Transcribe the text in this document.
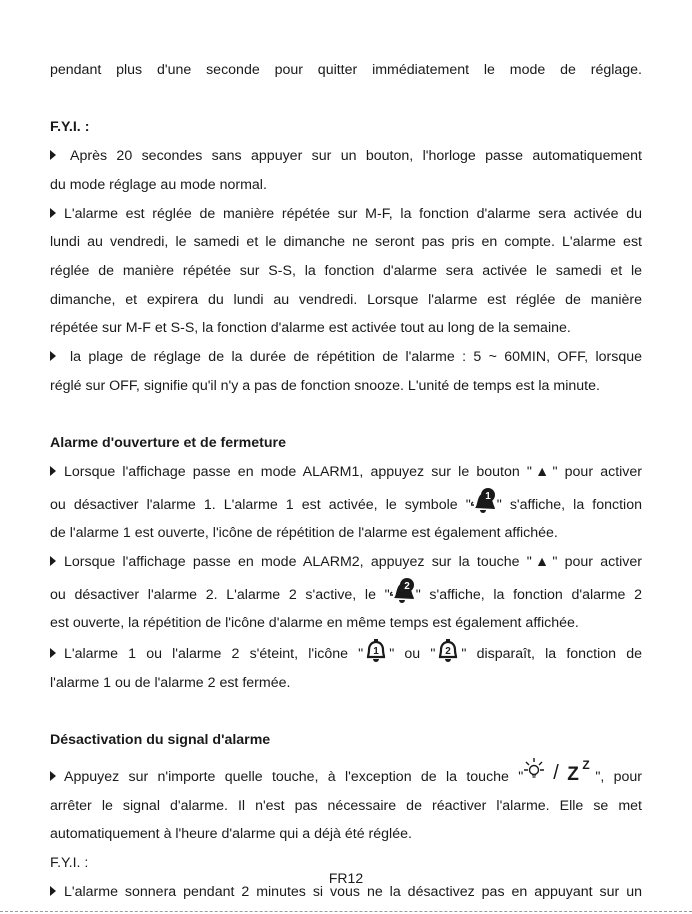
pendant plus d'une seconde pour quitter immédiatement le mode de réglage.

F.Y.I. :

Après 20 secondes sans appuyer sur un bouton, l'horloge passe automatiquement

du mode réglage au mode normal.

L'alarme est réglée de manière répétée sur M-F, la fonction d'alarme sera activée du

lundi au vendredi, le samedi et le dimanche ne seront pas pris en compte. L'alarme est

réglée de manière répétée sur S-S, la fonction d'alarme sera activée le samedi et le

dimanche, et expirera du lundi au vendredi. Lorsque l'alarme est réglée de manière

répétée sur M-F et S-S, la fonction d'alarme est activée tout au long de la semaine.

la plage de réglage de la durée de répétition de l'alarme : 5 ~ 60MIN, OFF, lorsque

réglé sur OFF, signifie qu'il n'y a pas de fonction snooze. L'unité de temps est la minute.

Alarme d'ouverture et de fermeture

Lorsque l'affichage passe en mode ALARM1, appuyez sur le bouton "▲" pour activer

ou désactiver l'alarme 1. L'alarme 1 est activée, le symbole "
1
" s'affiche, la fonction

de l'alarme 1 est ouverte, l'icône de répétition de l'alarme est également affichée.

Lorsque l'affichage passe en mode ALARM2, appuyez sur la touche "▲" pour activer

ou désactiver l'alarme 2. L'alarme 2 s'active, le "
2
" s'affiche, la fonction d'alarme 2

est ouverte, la répétition de l'icône d'alarme en même temps est également affichée.

L'alarme 1 ou l'alarme 2 s'éteint, l'icône " 1 " ou " 2 " disparaît, la fonction de

l'alarme 1 ou de l'alarme 2 est fermée.

Désactivation du signal d'alarme

Appuyez sur n'importe quelle touche, à l'exception de la touche " / Z Z
", pour

arrêter le signal d'alarme. Il n'est pas nécessaire de réactiver l'alarme. Elle se met

automatiquement à l'heure d'alarme qui a déjà été réglée.

F.Y.I. :

L'alarme sonnera pendant 2 minutes si vous ne la désactivez pas en appuyant sur un

FR12
